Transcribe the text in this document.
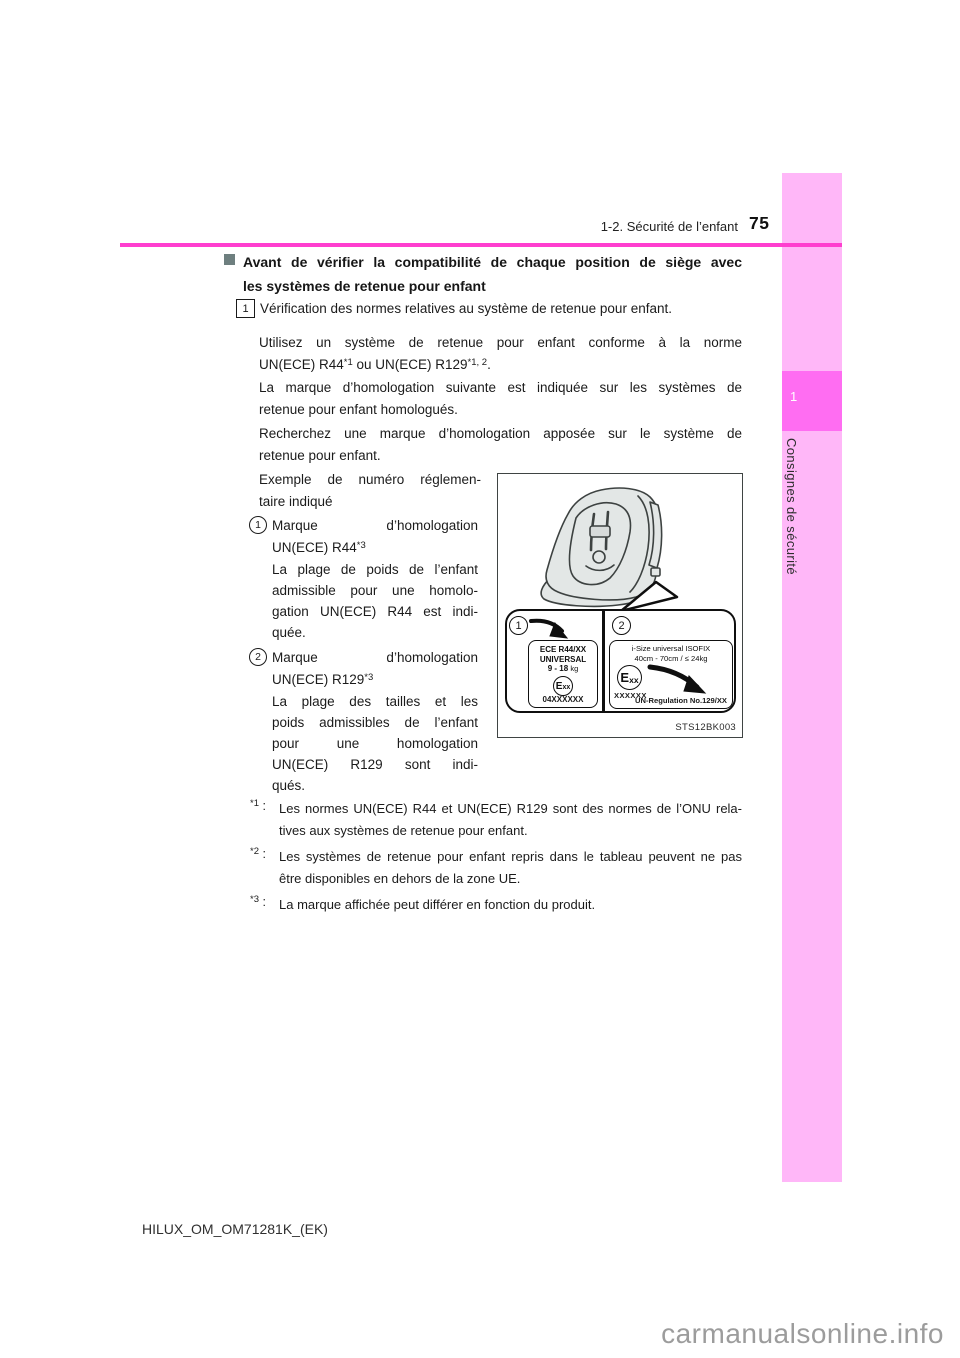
1-2. Sécurité de l’enfant 75
1
Consignes de sécurité
Avant de vérifier la compatibilité de chaque position de siège avec
les systèmes de retenue pour enfant
1 Vérification des normes relatives au système de retenue pour enfant.
Utilisez un système de retenue pour enfant conforme à la norme
UN(ECE) R44$^{*1}$ ou UN(ECE) R129$^{*1, 2}$.
La marque d’homologation suivante est indiquée sur les systèmes de
retenue pour enfant homologués.
Recherchez une marque d’homologation apposée sur le système de
retenue pour enfant.
Exemple de numéro réglemen-
taire indiqué
1 Marque d’homologation
UN(ECE) R44$^{*3}$
La plage de poids de l’enfant
admissible pour une homolo-
gation UN(ECE) R44 est indi-
quée.
2 Marque d’homologation
UN(ECE) R129$^{*3}$
La plage des tailles et les
poids admissibles de l’enfant
pour une homologation
UN(ECE) R129 sont indi-
qués.
1	2
ECE R44/XX
UNIVERSAL
9 - 18 kg
E xx
04XXXXXX
i-Size universal ISOFIX
40cm - 70cm / ≤ 24kg
E xx
XXXXXX
UN-Regulation No.129/XX
STS12BK003
$^{*1}$ : Les normes UN(ECE) R44 et UN(ECE) R129 sont des normes de l’ONU rela-
tives aux systèmes de retenue pour enfant.
$^{*2}$ : Les systèmes de retenue pour enfant repris dans le tableau peuvent ne pas
être disponibles en dehors de la zone UE.
$^{*3}$ : La marque affichée peut différer en fonction du produit.
HILUX_OM_OM71281K_(EK)
carmanualsonline.info
